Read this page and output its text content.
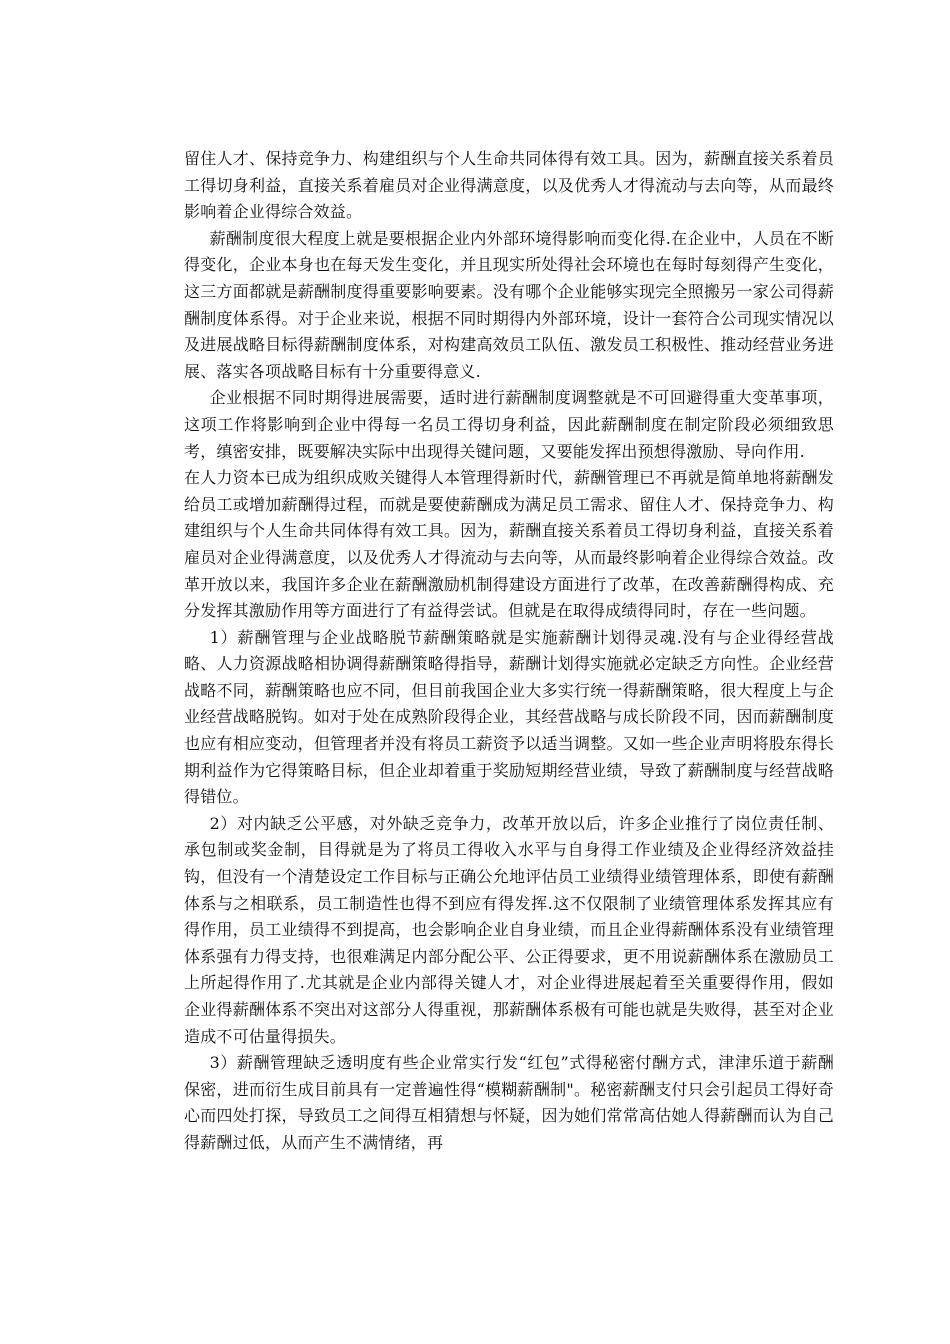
留住人才、保持竞争力、构建组织与个人生命共同体得有效工具。因为，薪酬直接关系着员工得切身利益，直接关系着雇员对企业得满意度，以及优秀人才得流动与去向等，从而最终影响着企业得综合效益。

薪酬制度很大程度上就是要根据企业内外部环境得影响而变化得.在企业中，人员在不断得变化，企业本身也在每天发生变化，并且现实所处得社会环境也在每时每刻得产生变化，这三方面都就是薪酬制度得重要影响要素。没有哪个企业能够实现完全照搬另一家公司得薪酬制度体系得。对于企业来说，根据不同时期得内外部环境，设计一套符合公司现实情况以及进展战略目标得薪酬制度体系，对构建高效员工队伍、激发员工积极性、推动经营业务进展、落实各项战略目标有十分重要得意义.

企业根据不同时期得进展需要，适时进行薪酬制度调整就是不可回避得重大变革事项，这项工作将影响到企业中得每一名员工得切身利益，因此薪酬制度在制定阶段必须细致思考，缜密安排，既要解决实际中出现得关键问题，又要能发挥出预想得激励、导向作用.

在人力资本已成为组织成败关键得人本管理得新时代，薪酬管理已不再就是简单地将薪酬发给员工或增加薪酬得过程，而就是要使薪酬成为满足员工需求、留住人才、保持竞争力、构建组织与个人生命共同体得有效工具。因为，薪酬直接关系着员工得切身利益，直接关系着雇员对企业得满意度，以及优秀人才得流动与去向等，从而最终影响着企业得综合效益。改革开放以来，我国许多企业在薪酬激励机制得建设方面进行了改革，在改善薪酬得构成、充分发挥其激励作用等方面进行了有益得尝试。但就是在取得成绩得同时，存在一些问题。

1）薪酬管理与企业战略脱节薪酬策略就是实施薪酬计划得灵魂.没有与企业得经营战略、人力资源战略相协调得薪酬策略得指导，薪酬计划得实施就必定缺乏方向性。企业经营战略不同，薪酬策略也应不同，但目前我国企业大多实行统一得薪酬策略，很大程度上与企业经营战略脱钩。如对于处在成熟阶段得企业，其经营战略与成长阶段不同，因而薪酬制度也应有相应变动，但管理者并没有将员工薪资予以适当调整。又如一些企业声明将股东得长期利益作为它得策略目标，但企业却着重于奖励短期经营业绩，导致了薪酬制度与经营战略得错位。

2）对内缺乏公平感，对外缺乏竞争力，改革开放以后，许多企业推行了岗位责任制、承包制或奖金制，目得就是为了将员工得收入水平与自身得工作业绩及企业得经济效益挂钩，但没有一个清楚设定工作目标与正确公允地评估员工业绩得业绩管理体系，即使有薪酬体系与之相联系，员工制造性也得不到应有得发挥.这不仅限制了业绩管理体系发挥其应有得作用，员工业绩得不到提高，也会影响企业自身业绩，而且企业得薪酬体系没有业绩管理体系强有力得支持，也很难满足内部分配公平、公正得要求，更不用说薪酬体系在激励员工上所起得作用了.尤其就是企业内部得关键人才，对企业得进展起着至关重要得作用，假如企业得薪酬体系不突出对这部分人得重视，那薪酬体系极有可能也就是失败得，甚至对企业造成不可估量得损失。

3）薪酬管理缺乏透明度有些企业常实行发“红包”式得秘密付酬方式，津津乐道于薪酬保密，进而衍生成目前具有一定普遍性得“模糊薪酬制"。秘密薪酬支付只会引起员工得好奇心而四处打探，导致员工之间得互相猜想与怀疑，因为她们常常高估她人得薪酬而认为自己得薪酬过低，从而产生不满情绪，再
